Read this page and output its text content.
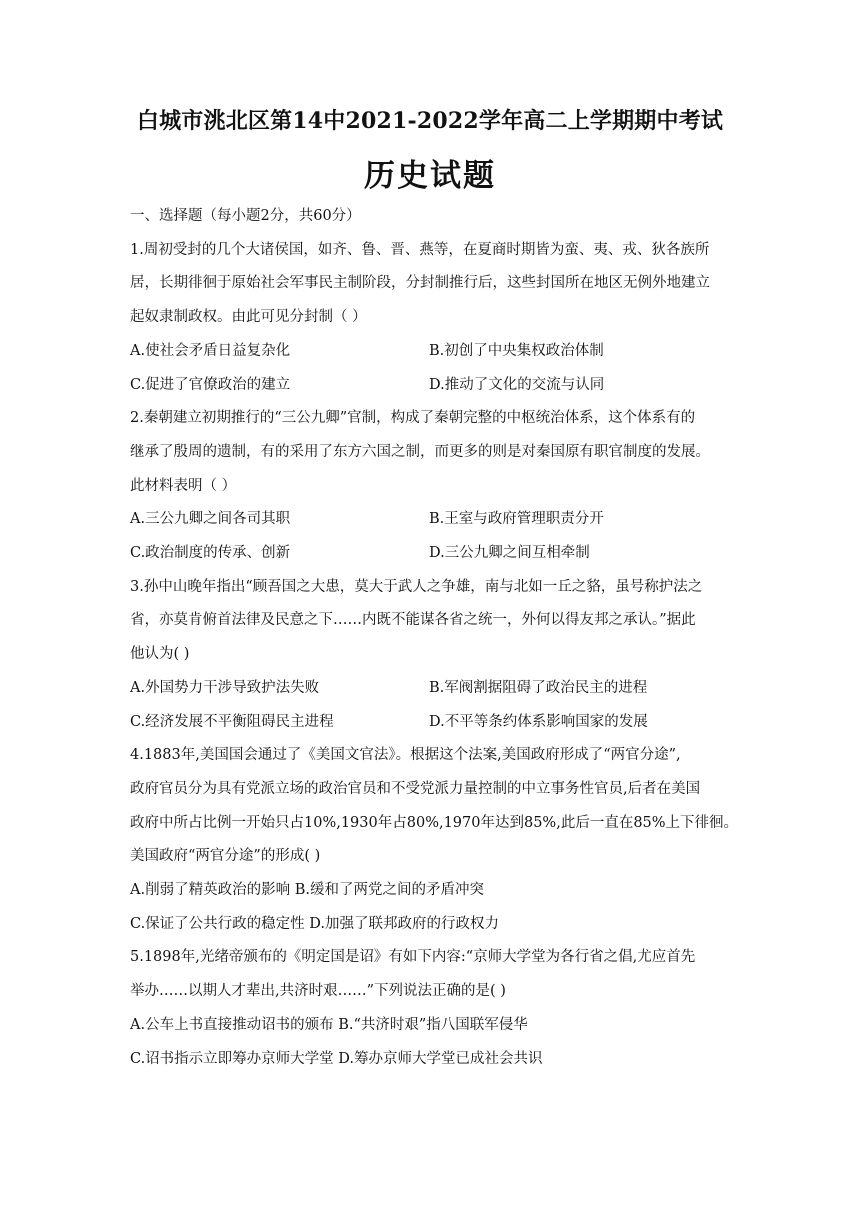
白城市洮北区第14中2021-2022学年高二上学期期中考试
历史试题
一、选择题（每小题2分，共60分）
1.周初受封的几个大诸侯国，如齐、鲁、晋、燕等，在夏商时期皆为蛮、夷、戎、狄各族所
居，长期徘徊于原始社会军事民主制阶段，分封制推行后，这些封国所在地区无例外地建立
起奴隶制政权。由此可见分封制（ ）
A.使社会矛盾日益复杂化	B.初创了中央集权政治体制
C.促进了官僚政治的建立	D.推动了文化的交流与认同
2.秦朝建立初期推行的“三公九卿”官制，构成了秦朝完整的中枢统治体系，这个体系有的
继承了殷周的遗制，有的采用了东方六国之制，而更多的则是对秦国原有职官制度的发展。
此材料表明（ ）
A.三公九卿之间各司其职	B.王室与政府管理职责分开
C.政治制度的传承、创新	D.三公九卿之间互相牵制
3.孙中山晚年指出“顾吾国之大患，莫大于武人之争雄，南与北如一丘之貉，虽号称护法之
省，亦莫肯俯首法律及民意之下……内既不能谋各省之统一，外何以得友邦之承认。”据此
他认为( )
A.外国势力干涉导致护法失败	B.军阀割据阻碍了政治民主的进程
C.经济发展不平衡阻碍民主进程	D.不平等条约体系影响国家的发展
4.1883年,美国国会通过了《美国文官法》。根据这个法案,美国政府形成了“两官分途”,
政府官员分为具有党派立场的政治官员和不受党派力量控制的中立事务性官员,后者在美国
政府中所占比例一开始只占10%,1930年占80%,1970年达到85%,此后一直在85%上下徘徊。
美国政府“两官分途”的形成( )
A.削弱了精英政治的影响 B.缓和了两党之间的矛盾冲突
C.保证了公共行政的稳定性 D.加强了联邦政府的行政权力
5.1898年,光绪帝颁布的《明定国是诏》有如下内容:“京师大学堂为各行省之倡,尤应首先
举办……以期人才辈出,共济时艰……”下列说法正确的是( )
A.公车上书直接推动诏书的颁布 B.“共济时艰”指八国联军侵华
C.诏书指示立即筹办京师大学堂 D.筹办京师大学堂已成社会共识
